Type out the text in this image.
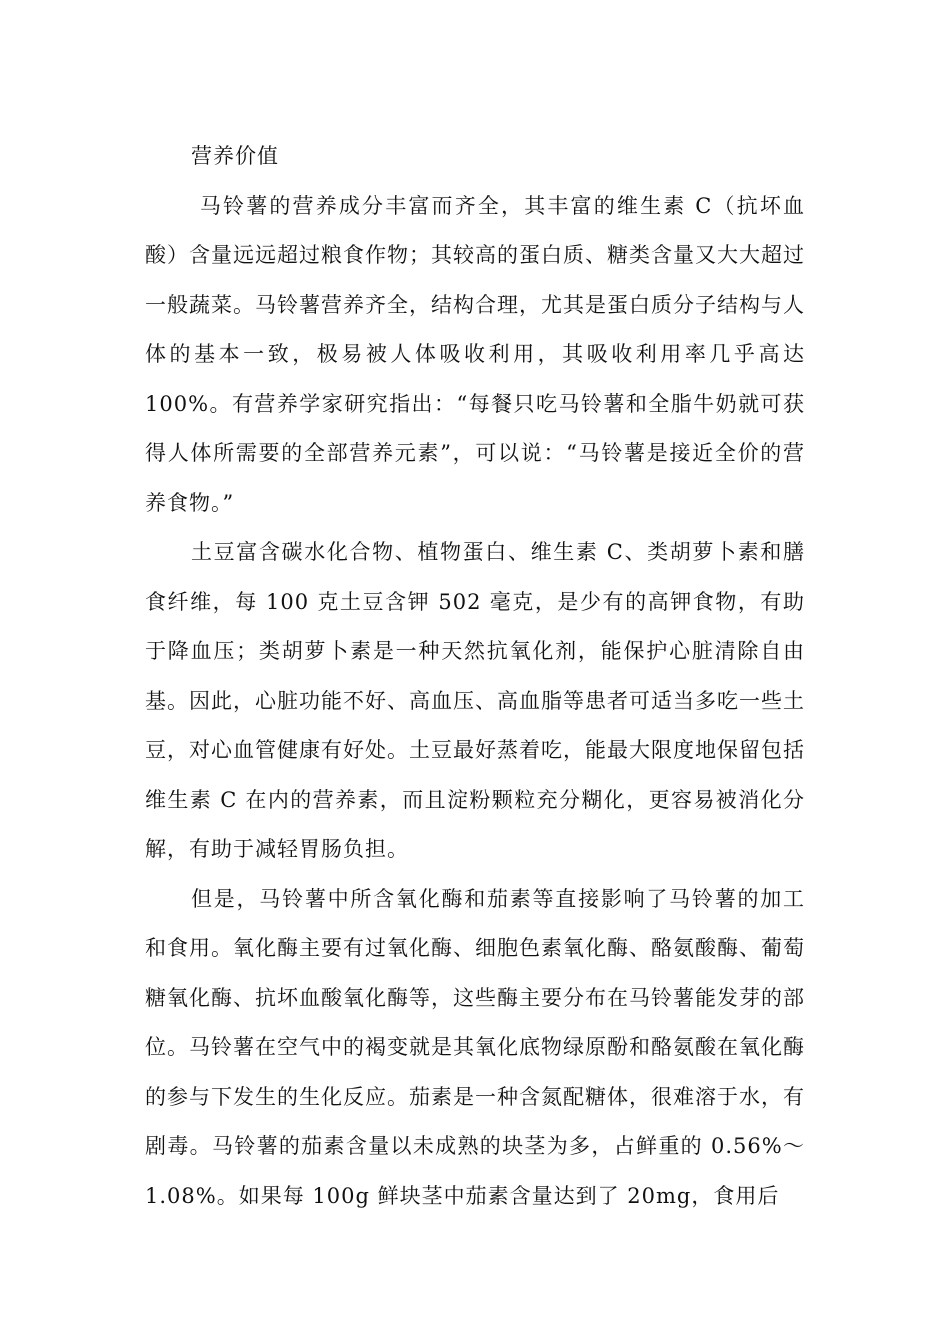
营养价值

马铃薯的营养成分丰富而齐全，其丰富的维生素 C（抗坏血酸）含量远远超过粮食作物；其较高的蛋白质、糖类含量又大大超过一般蔬菜。马铃薯营养齐全，结构合理，尤其是蛋白质分子结构与人体的基本一致，极易被人体吸收利用，其吸收利用率几乎高达 100%。有营养学家研究指出：“每餐只吃马铃薯和全脂牛奶就可获得人体所需要的全部营养元素”，可以说：“马铃薯是接近全价的营养食物。”

土豆富含碳水化合物、植物蛋白、维生素 C、类胡萝卜素和膳食纤维，每 100 克土豆含钾 502 毫克，是少有的高钾食物，有助于降血压；类胡萝卜素是一种天然抗氧化剂，能保护心脏清除自由基。因此，心脏功能不好、高血压、高血脂等患者可适当多吃一些土豆，对心血管健康有好处。土豆最好蒸着吃，能最大限度地保留包括维生素 C 在内的营养素，而且淀粉颗粒充分糊化，更容易被消化分解，有助于减轻胃肠负担。

但是，马铃薯中所含氧化酶和茄素等直接影响了马铃薯的加工和食用。氧化酶主要有过氧化酶、细胞色素氧化酶、酪氨酸酶、葡萄糖氧化酶、抗坏血酸氧化酶等，这些酶主要分布在马铃薯能发芽的部位。马铃薯在空气中的褐变就是其氧化底物绿原酚和酪氨酸在氧化酶的参与下发生的生化反应。茄素是一种含氮配糖体，很难溶于水，有剧毒。马铃薯的茄素含量以未成熟的块茎为多，占鲜重的 0.56%～1.08%。如果每 100g 鲜块茎中茄素含量达到了 20mg，食用后
